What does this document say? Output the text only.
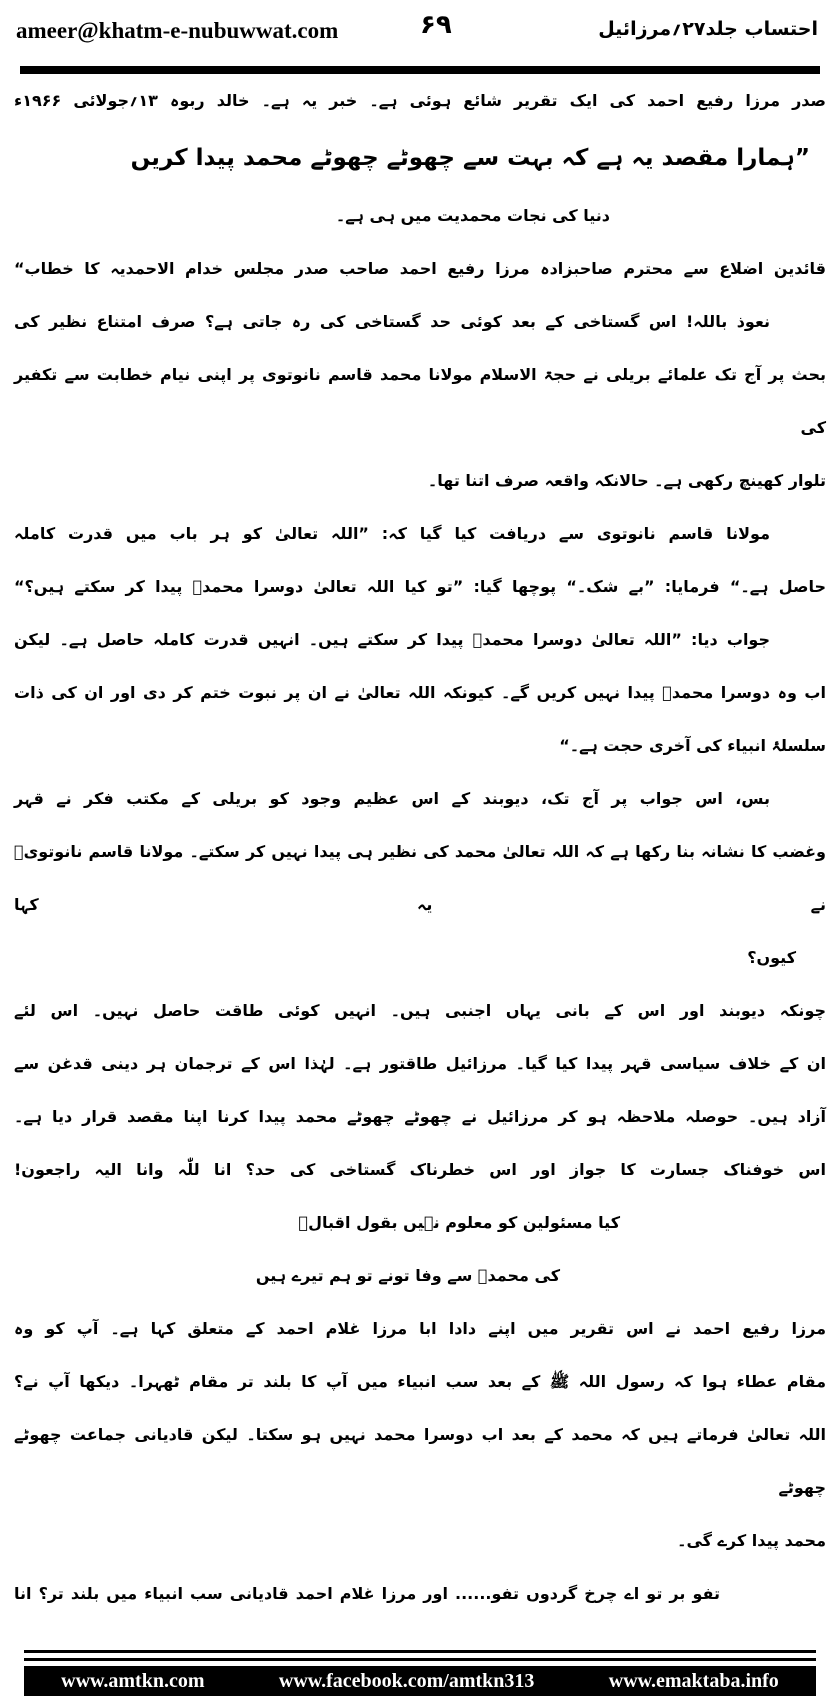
ameer@khatm-e-nubuwwat.com	۶۹	احتساب جلد۲۷؍مرزائیل
صدر مرزا رفیع احمد کی ایک تقریر شائع ہوئی ہے۔ خبر یہ ہے۔ خالد ربوہ ۱۳؍جولائی ۱۹۶۶ء
”ہمارا مقصد یہ ہے کہ بہت سے چھوٹے چھوٹے محمد پیدا کریں
دنیا کی نجات محمدیت میں ہی ہے۔
قائدین اضلاع سے محترم صاحبزادہ مرزا رفیع احمد صاحب صدر مجلس خدام الاحمدیہ کا خطاب“
نعوذ باللہ! اس گستاخی کے بعد کوئی حد گستاخی کی رہ جاتی ہے؟ صرف امتناع نظیر کی
بحث پر آج تک علمائے بریلی نے حجۃ الاسلام مولانا محمد قاسم نانوتوی پر اپنی نیام خطابت سے تکفیر کی
تلوار کھینچ رکھی ہے۔ حالانکہ واقعہ صرف اتنا تھا۔
مولانا قاسم نانوتوی سے دریافت کیا گیا کہ: ”اللہ تعالیٰ کو ہر باب میں قدرت کاملہ
حاصل ہے۔“ فرمایا: ”بے شک۔“ پوچھا گیا: ”تو کیا اللہ تعالیٰ دوسرا محمدؐ پیدا کر سکتے ہیں؟“
جواب دیا: ”اللہ تعالیٰ دوسرا محمدؐ پیدا کر سکتے ہیں۔ انہیں قدرت کاملہ حاصل ہے۔ لیکن
اب وہ دوسرا محمدؐ پیدا نہیں کریں گے۔ کیونکہ اللہ تعالیٰ نے ان پر نبوت ختم کر دی اور ان کی ذات
سلسلۂ انبیاء کی آخری حجت ہے۔“
بس، اس جواب پر آج تک، دیوبند کے اس عظیم وجود کو بریلی کے مکتب فکر نے قہر
وغضب کا نشانہ بنا رکھا ہے کہ اللہ تعالیٰ محمد کی نظیر ہی پیدا نہیں کر سکتے۔ مولانا قاسم نانوتویؒ نے یہ کہا
کیوں؟
چونکہ دیوبند اور اس کے بانی یہاں اجنبی ہیں۔ انہیں کوئی طاقت حاصل نہیں۔ اس لئے
ان کے خلاف سیاسی قہر پیدا کیا گیا۔ مرزائیل طاقتور ہے۔ لہٰذا اس کے ترجمان ہر دینی قدغن سے
آزاد ہیں۔ حوصلہ ملاحظہ ہو کر مرزائیل نے چھوٹے چھوٹے محمد پیدا کرنا اپنا مقصد قرار دیا ہے۔
اس خوفناک جسارت کا جواز اور اس خطرناک گستاخی کی حد؟ انا للّٰہ وانا الیہ راجعون!
کیا مسئولین کو معلوم نہیں بقول اقبالؒ
کی محمدؐ سے وفا تونے تو ہم تیرے ہیں
مرزا رفیع احمد نے اس تقریر میں اپنے دادا ابا مرزا غلام احمد کے متعلق کہا ہے۔ آپ کو وہ
مقام عطاء ہوا کہ رسول اللہ ﷺ کے بعد سب انبیاء میں آپ کا بلند تر مقام ٹھہرا۔ دیکھا آپ نے؟
اللہ تعالیٰ فرماتے ہیں کہ محمد کے بعد اب دوسرا محمد نہیں ہو سکتا۔ لیکن قادیانی جماعت چھوٹے چھوٹے
محمد پیدا کرے گی۔
تفو بر تو اے چرخ گردوں تفو...... اور مرزا غلام احمد قادیانی سب انبیاء میں بلند تر؟ انا
www.amtkn.com	www.facebook.com/amtkn313	www.emaktaba.info
